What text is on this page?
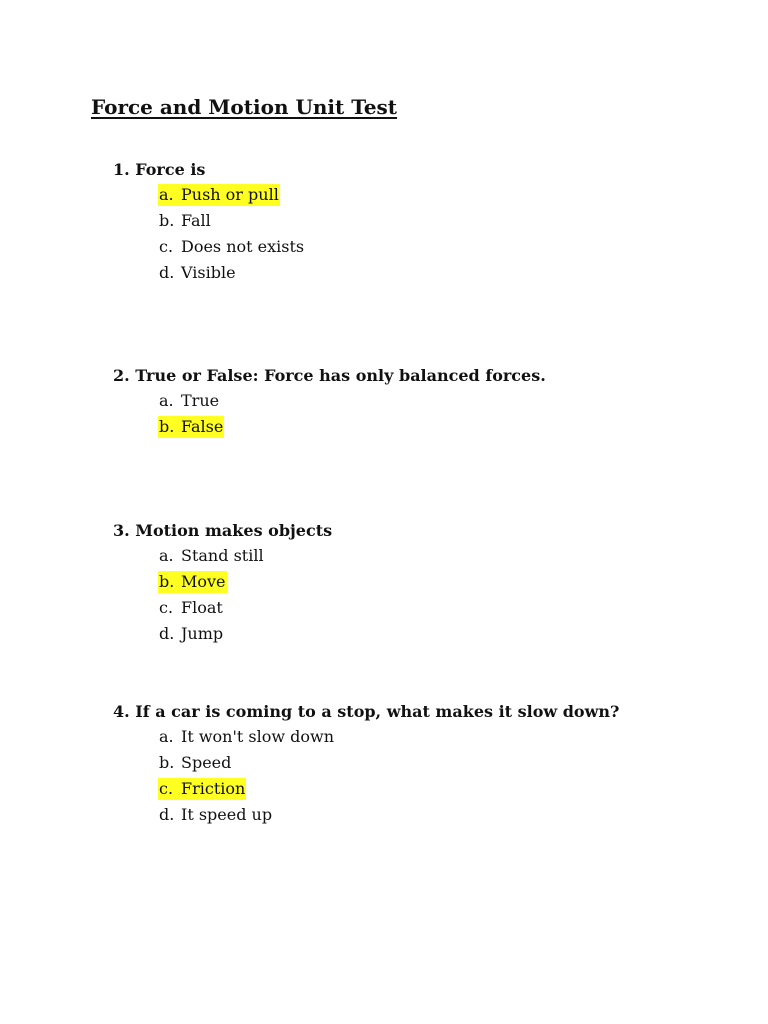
Force and Motion Unit Test
1. Force is
a. Push or pull
b. Fall
c. Does not exists
d. Visible
2. True or False: Force has only balanced forces.
a. True
b. False
3. Motion makes objects
a. Stand still
b. Move
c. Float
d. Jump
4. If a car is coming to a stop, what makes it slow down?
a. It won't slow down
b. Speed
c. Friction
d. It speed up
